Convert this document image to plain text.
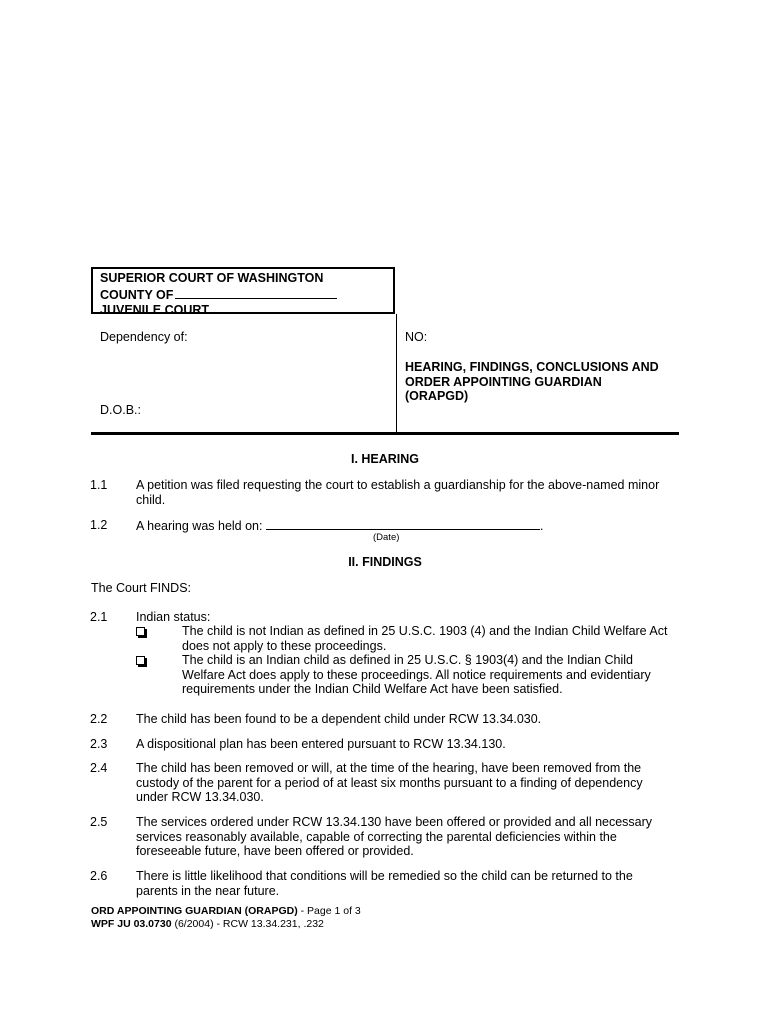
SUPERIOR COURT OF WASHINGTON
COUNTY OF
JUVENILE COURT
Dependency of:
D.O.B.:
NO:
HEARING, FINDINGS, CONCLUSIONS AND
ORDER APPOINTING GUARDIAN
(ORAPGD)
I. HEARING
1.1 A petition was filed requesting the court to establish a guardianship for the above-named minor
child.
1.2 A hearing was held on:	.
(Date)
II. FINDINGS
The Court FINDS:
2.1 Indian status:
The child is not Indian as defined in 25 U.S.C. 1903 (4) and the Indian Child Welfare Act
does not apply to these proceedings.
The child is an Indian child as defined in 25 U.S.C. § 1903(4) and the Indian Child
Welfare Act does apply to these proceedings. All notice requirements and evidentiary
requirements under the Indian Child Welfare Act have been satisfied.
2.2 The child has been found to be a dependent child under RCW 13.34.030.
2.3 A dispositional plan has been entered pursuant to RCW 13.34.130.
2.4 The child has been removed or will, at the time of the hearing, have been removed from the
custody of the parent for a period of at least six months pursuant to a finding of dependency
under RCW 13.34.030.
2.5 The services ordered under RCW 13.34.130 have been offered or provided and all necessary
services reasonably available, capable of correcting the parental deficiencies within the
foreseeable future, have been offered or provided.
2.6 There is little likelihood that conditions will be remedied so the child can be returned to the
parents in the near future.
ORD APPOINTING GUARDIAN (ORAPGD) - Page 1 of 3
WPF JU 03.0730 (6/2004) - RCW 13.34.231, .232
